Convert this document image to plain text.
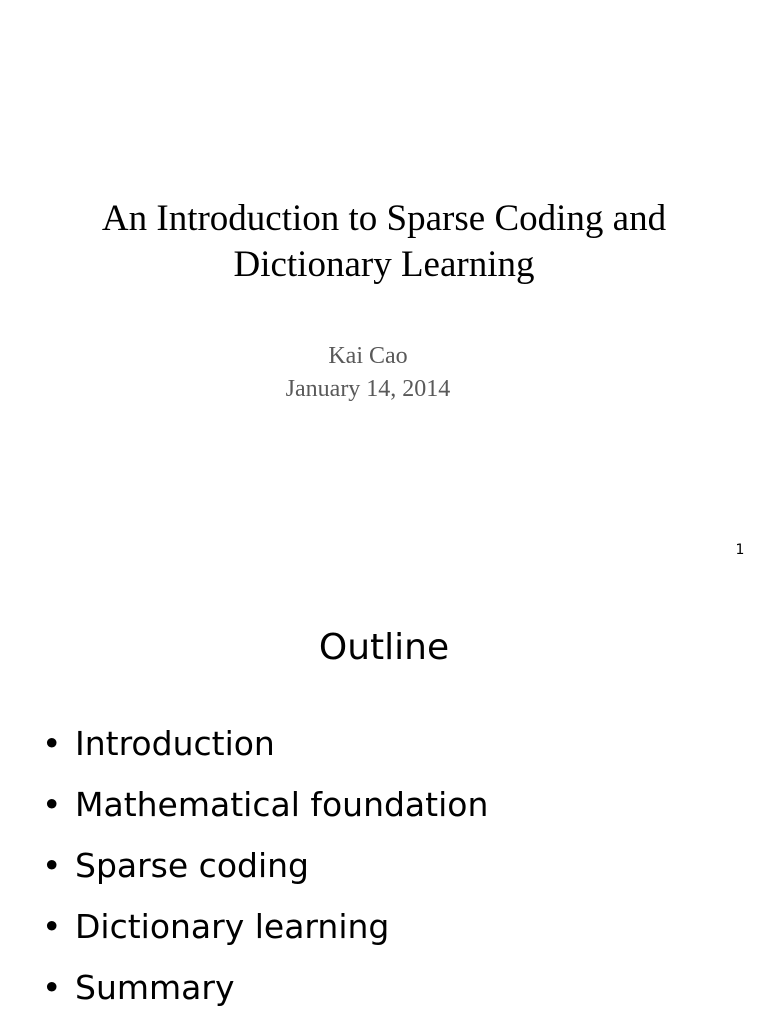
An Introduction to Sparse Coding and
Dictionary Learning
Kai Cao
January 14, 2014
1
Outline
• Introduction
• Mathematical foundation
• Sparse coding
• Dictionary learning
• Summary
